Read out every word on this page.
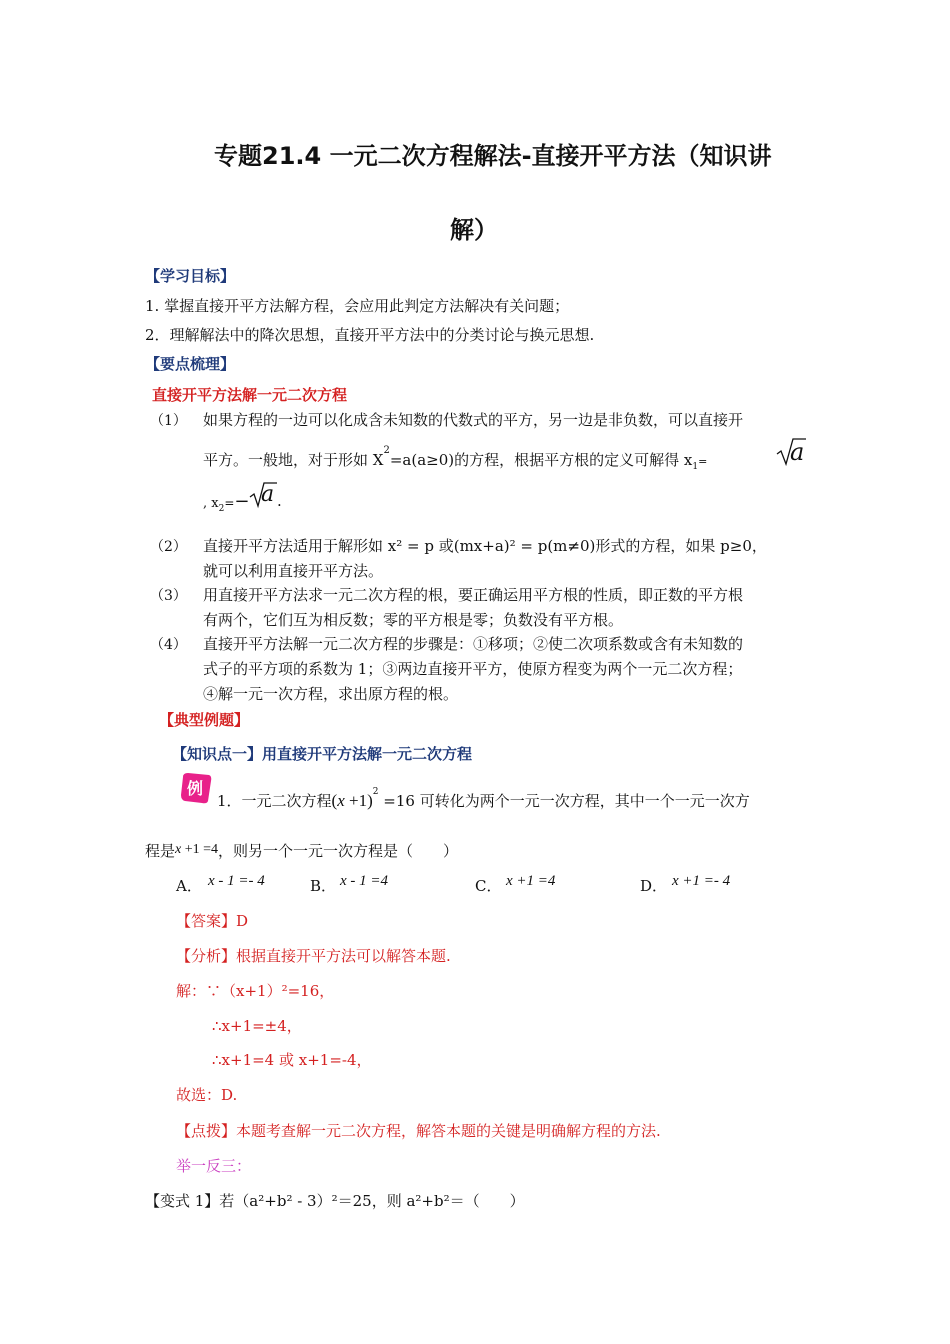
专题21.4 一元二次方程解法-直接开平方法（知识讲
解）
【学习目标】
1. 掌握直接开平方法解方程，会应用此判定方法解决有关问题；
2．理解解法中的降次思想，直接开平方法中的分类讨论与换元思想.
【要点梳理】
直接开平方法解一元二次方程
（1） 如果方程的一边可以化成含未知数的代数式的平方，另一边是非负数，可以直接开
平方。一般地，对于形如 $X^2=a(a\ge 0)$的方程，根据平方根的定义可解得 $x_1=$	a
, $x_2=- a$ .
（2） 直接开平方法适用于解形如 x² = p 或(mx+a)² = p(m≠0)形式的方程，如果 p≥0，
就可以利用直接开平方法。
（3） 用直接开平方法求一元二次方程的根，要正确运用平方根的性质，即正数的平方根
有两个，它们互为相反数；零的平方根是零；负数没有平方根。
（4） 直接开平方法解一元二次方程的步骤是：①移项；②使二次项系数或含有未知数的
式子的平方项的系数为 1；③两边直接开平方，使原方程变为两个一元二次方程；
④解一元一次方程，求出原方程的根。
【典型例题】
【知识点一】用直接开平方法解一元二次方程
例
1．一元二次方程$(x +1)^2 =16$ 可转化为两个一元一次方程，其中一个一元一次方
程是x +1 =4，则另一个一元一次方程是（　　）
A． x - 1 =- 4	B． x - 1 =4	C． x +1 =4	D． x +1 =- 4
【答案】D
【分析】根据直接开平方法可以解答本题.
解：∵（x+1）²=16，
∴x+1=±4，
∴x+1=4 或 x+1=-4，
故选：D.
【点拨】本题考查解一元二次方程，解答本题的关键是明确解方程的方法.
举一反三：
【变式 1】若（a²+b² - 3）²＝25，则 a²+b²＝（　　）
